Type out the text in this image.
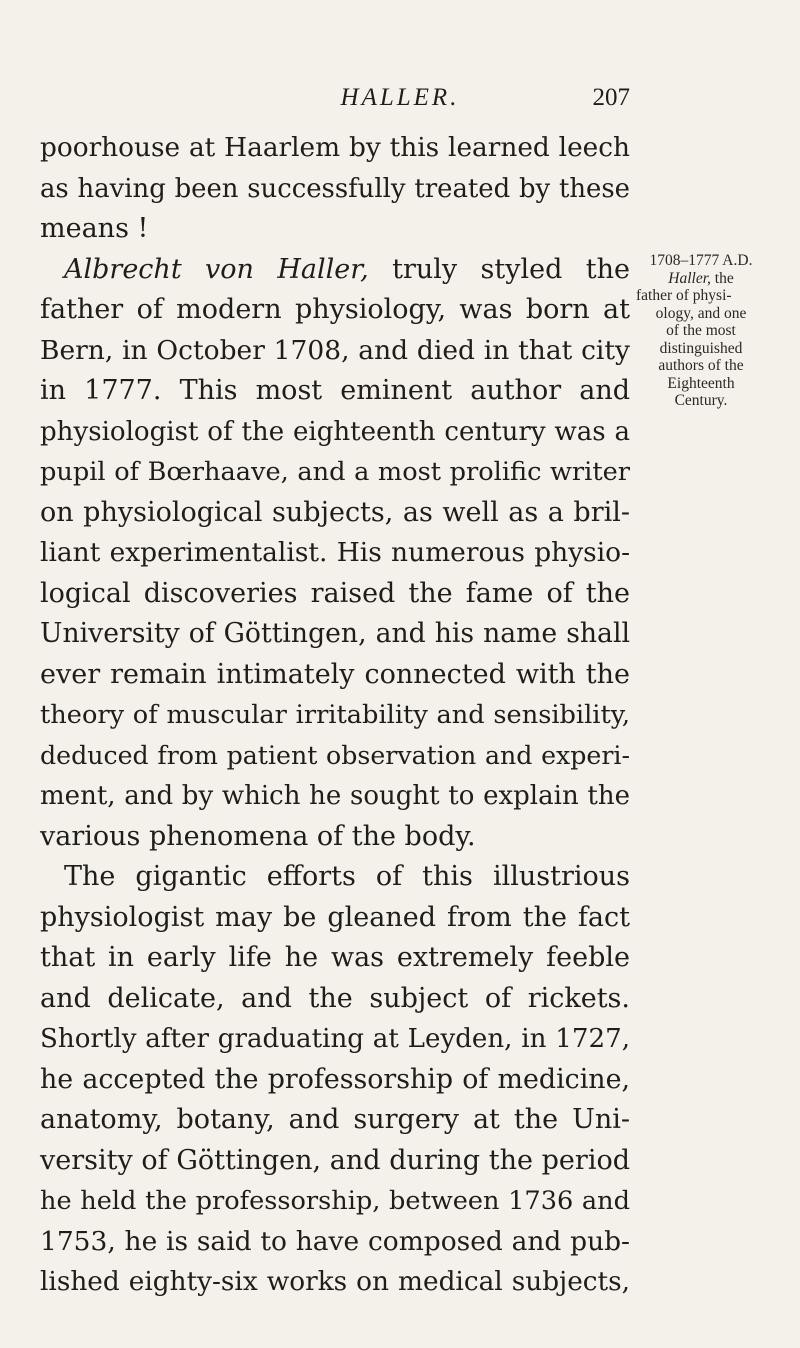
HALLER.	207
poorhouse at Haarlem by this learned leech
as having been successfully treated by these
means !
Albrecht von Haller, truly styled the
father of modern physiology, was born at
Bern, in October 1708, and died in that city
in 1777. This most eminent author and
physiologist of the eighteenth century was a
pupil of Bœrhaave, and a most prolific writer
on physiological subjects, as well as a bril-
liant experimentalist. His numerous physio-
logical discoveries raised the fame of the
University of Göttingen, and his name shall
ever remain intimately connected with the
theory of muscular irritability and sensibility,
deduced from patient observation and experi-
ment, and by which he sought to explain the
various phenomena of the body.
The gigantic efforts of this illustrious
physiologist may be gleaned from the fact
that in early life he was extremely feeble
and delicate, and the subject of rickets.
Shortly after graduating at Leyden, in 1727,
he accepted the professorship of medicine,
anatomy, botany, and surgery at the Uni-
versity of Göttingen, and during the period
he held the professorship, between 1736 and
1753, he is said to have composed and pub-
lished eighty-six works on medical subjects,
1708–1777 A.D.
Haller, the
father of physi-
ology, and one
of the most
distinguished
authors of the
Eighteenth
Century.
